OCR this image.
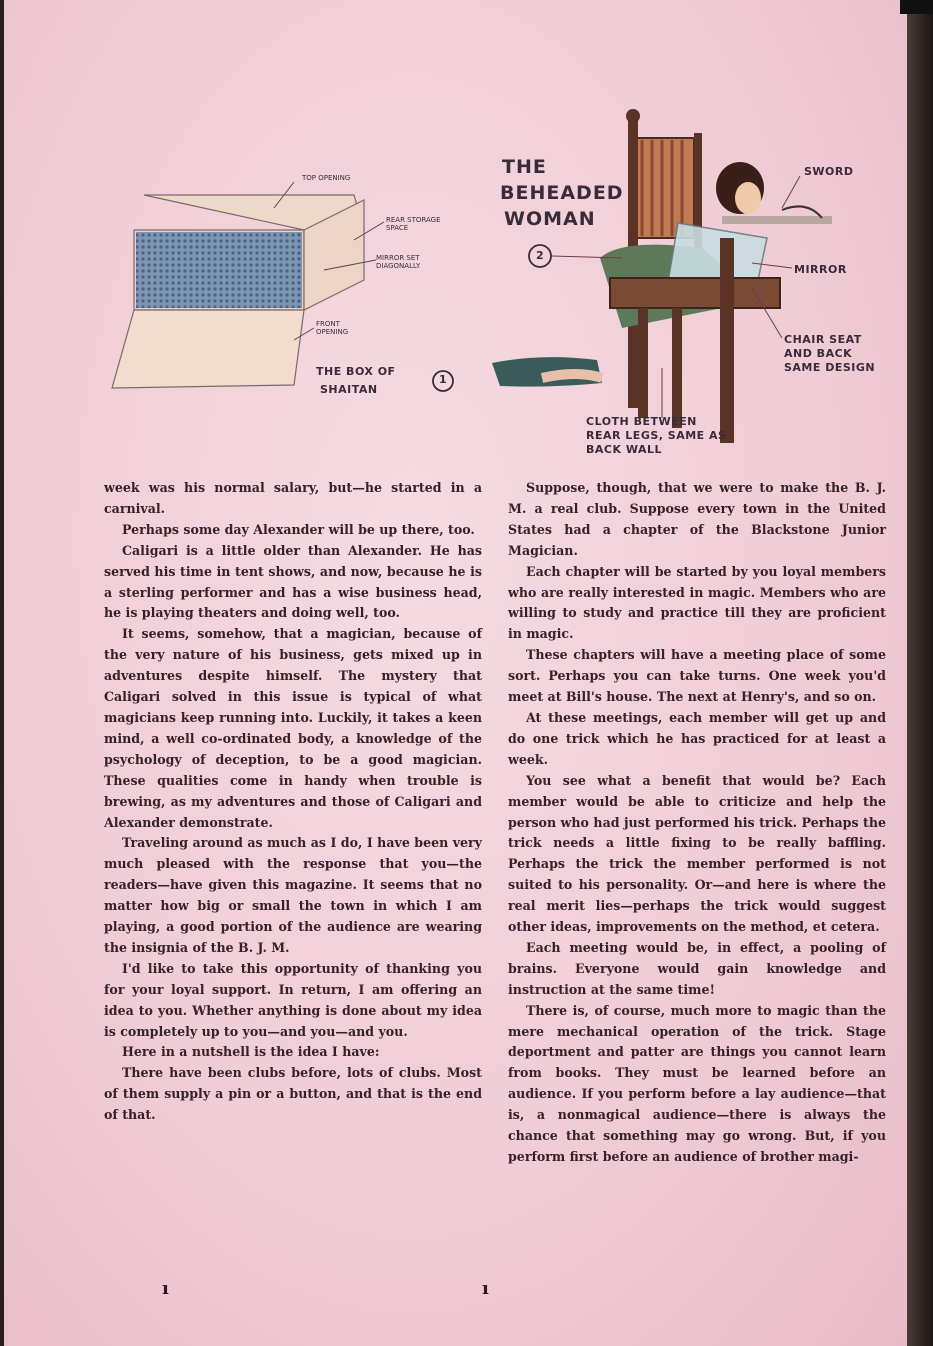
TOP OPENING
REAR STORAGE SPACE
MIRROR SET DIAGONALLY
FRONT OPENING
THE BOX OF
SHAITAN
1
THE
BEHEADED
WOMAN
2
SWORD
MIRROR
CHAIR SEAT
AND BACK
SAME DESIGN
CLOTH BETWEEN
REAR LEGS, SAME AS
BACK WALL

week was his normal salary, but—he started in a carnival.

Perhaps some day Alexander will be up there, too.

Caligari is a little older than Alexander. He has served his time in tent shows, and now, because he is a sterling performer and has a wise business head, he is playing theaters and doing well, too.

It seems, somehow, that a magician, because of the very nature of his business, gets mixed up in adventures despite himself. The mystery that Caligari solved in this issue is typical of what magicians keep running into. Luckily, it takes a keen mind, a well co-ordinated body, a knowledge of the psychology of deception, to be a good magician. These qualities come in handy when trouble is brewing, as my adventures and those of Caligari and Alexander demonstrate.

Traveling around as much as I do, I have been very much pleased with the response that you—the readers—have given this magazine. It seems that no matter how big or small the town in which I am playing, a good portion of the audience are wearing the insignia of the B. J. M.

I'd like to take this opportunity of thanking you for your loyal support. In return, I am offering an idea to you. Whether anything is done about my idea is completely up to you—and you—and you.

Here in a nutshell is the idea I have:

There have been clubs before, lots of clubs. Most of them supply a pin or a button, and that is the end of that.

Suppose, though, that we were to make the B. J. M. a real club. Suppose every town in the United States had a chapter of the Blackstone Junior Magician.

Each chapter will be started by you loyal members who are really interested in magic. Members who are willing to study and practice till they are proficient in magic.

These chapters will have a meeting place of some sort. Perhaps you can take turns. One week you'd meet at Bill's house. The next at Henry's, and so on.

At these meetings, each member will get up and do one trick which he has practiced for at least a week.

You see what a benefit that would be? Each member would be able to criticize and help the person who had just performed his trick. Perhaps the trick needs a little fixing to be really baffling. Perhaps the trick the member performed is not suited to his personality. Or—and here is where the real merit lies—perhaps the trick would suggest other ideas, improvements on the method, et cetera.

Each meeting would be, in effect, a pooling of brains. Everyone would gain knowledge and instruction at the same time!

There is, of course, much more to magic than the mere mechanical operation of the trick. Stage deportment and patter are things you cannot learn from books. They must be learned before an audience. If you perform before a lay audience—that is, a nonmagical audience—there is always the chance that something may go wrong. But, if you perform first before an audience of brother magi-

ı	ı
